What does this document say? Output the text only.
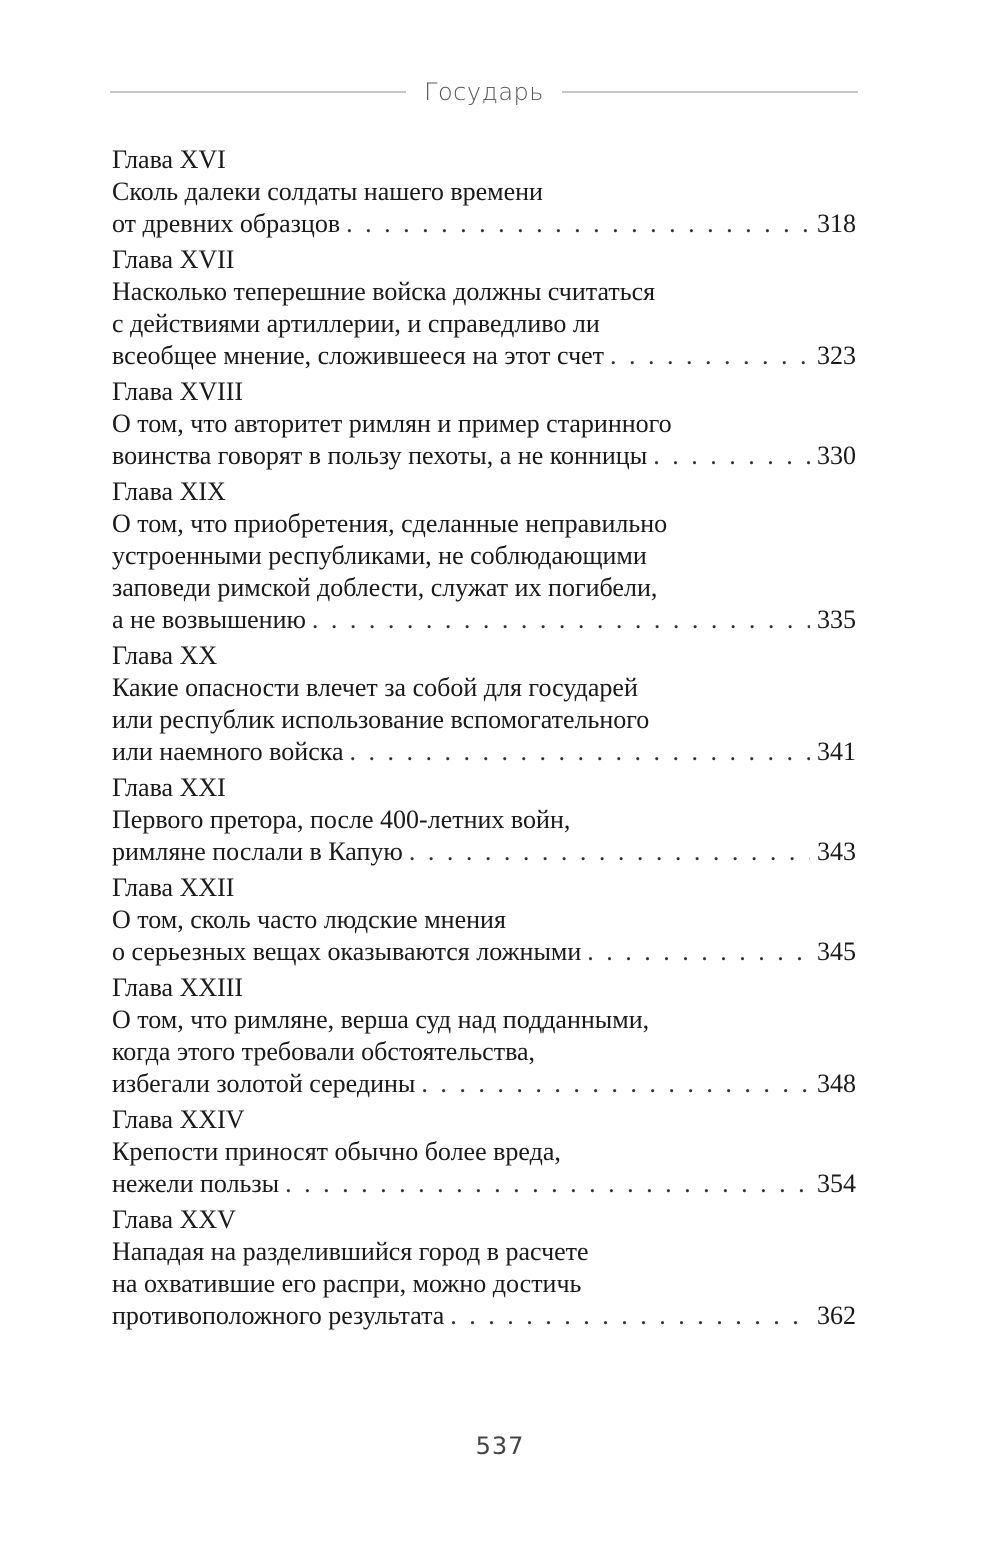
Государь
Глава XVI
Сколь далеки солдаты нашего времени
от древних образцов . . .	318
Глава XVII
Насколько теперешние войска должны считаться
с действиями артиллерии, и справедливо ли
всеобщее мнение, сложившееся на этот счет . . .	323
Глава XVIII
О том, что авторитет римлян и пример старинного
воинства говорят в пользу пехоты, а не конницы . . .	330
Глава XIX
О том, что приобретения, сделанные неправильно
устроенными республиками, не соблюдающими
заповеди римской доблести, служат их погибели,
а не возвышению . . .	335
Глава XX
Какие опасности влечет за собой для государей
или республик использование вспомогательного
или наемного войска . . .	341
Глава XXI
Первого претора, после 400-летних войн,
римляне послали в Капую . . .	343
Глава XXII
О том, сколь часто людские мнения
о серьезных вещах оказываются ложными . . .	345
Глава XXIII
О том, что римляне, верша суд над подданными,
когда этого требовали обстоятельства,
избегали золотой середины . . .	348
Глава XXIV
Крепости приносят обычно более вреда,
нежели пользы . . .	354
Глава XXV
Нападая на разделившийся город в расчете
на охватившие его распри, можно достичь
противоположного результата . . .	362
537
